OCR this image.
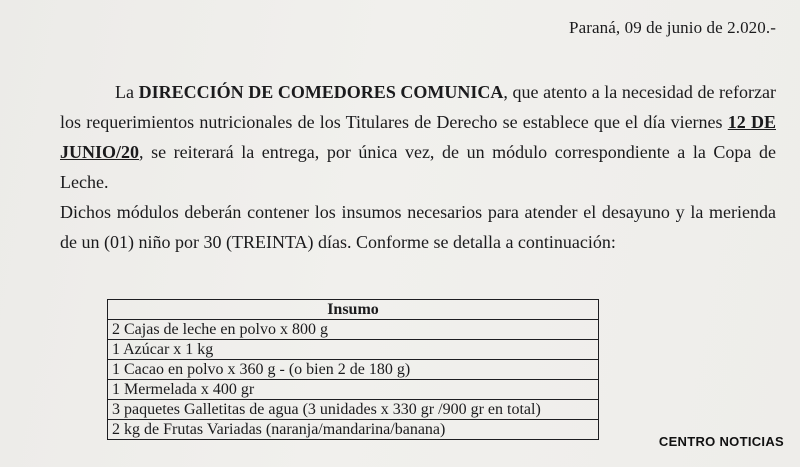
Paraná, 09 de junio de 2.020.-

La DIRECCIÓN DE COMEDORES COMUNICA, que atento a la necesidad de reforzar los requerimientos nutricionales de los Titulares de Derecho se establece que el día viernes 12 DE JUNIO/20, se reiterará la entrega, por única vez, de un módulo correspondiente a la Copa de Leche.

Dichos módulos deberán contener los insumos necesarios para atender el desayuno y la merienda de un (01) niño por 30 (TREINTA) días. Conforme se detalla a continuación:

Insumo
2 Cajas de leche en polvo x 800 g
1 Azúcar x 1 kg
1 Cacao en polvo x 360 g - (o bien 2 de 180 g)
1 Mermelada x 400 gr
3 paquetes Galletitas de agua (3 unidades x 330 gr /900 gr en total)
2 kg de Frutas Variadas (naranja/mandarina/banana)
CENTRO NOTICIAS
